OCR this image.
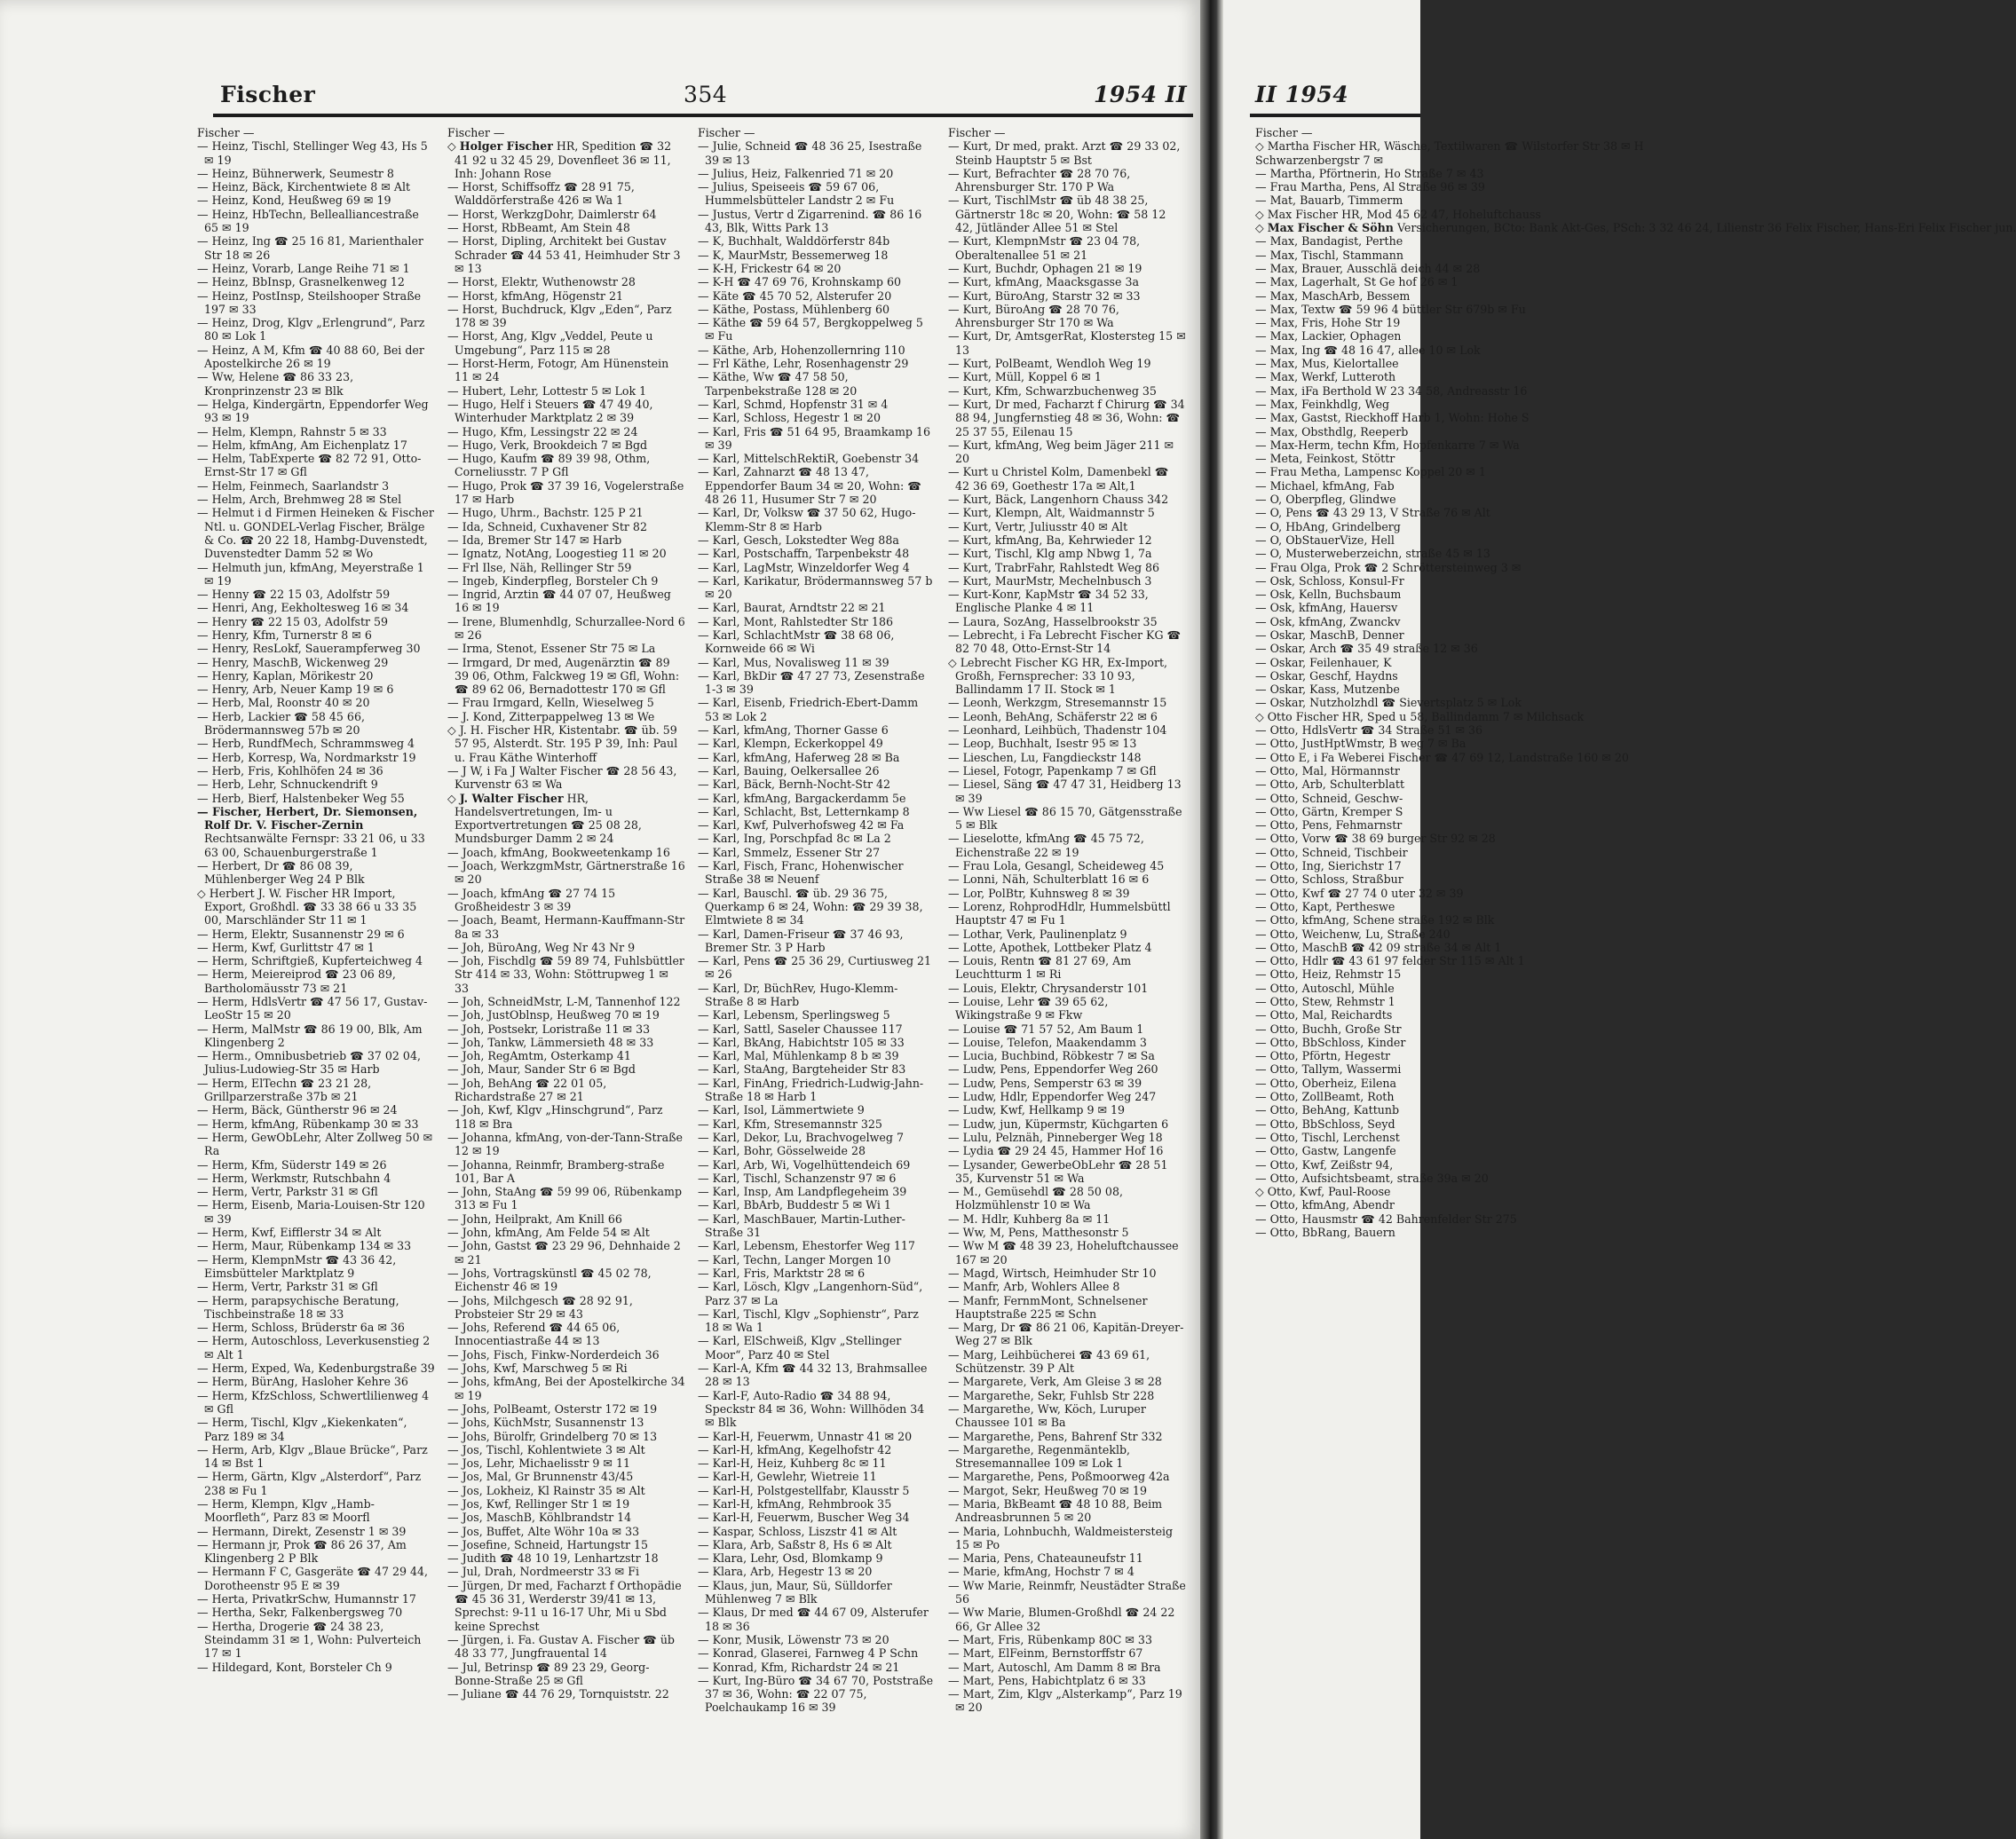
Fischer	354	1954 II
Fischer —
— Heinz, Tischl, Stellinger Weg 43, Hs 5 ✉ 19
— Heinz, Bühnerwerk, Seumestr 8
— Heinz, Bäck, Kirchentwiete 8 ✉ Alt
— Heinz, Kond, Heußweg 69 ✉ 19
— Heinz, HbTechn, Bellealliancestraße 65 ✉ 19
— Heinz, Ing ☎ 25 16 81, Marienthaler Str 18 ✉ 26
— Heinz, Vorarb, Lange Reihe 71 ✉ 1
— Heinz, BbInsp, Grasnelkenweg 12
— Heinz, PostInsp, Steilshooper Straße 197 ✉ 33
— Heinz, Drog, Klgv „Erlengrund“, Parz 80 ✉ Lok 1
— Heinz, A M, Kfm ☎ 40 88 60, Bei der Apostelkirche 26 ✉ 19
— Ww, Helene ☎ 86 33 23, Kronprinzenstr 23 ✉ Blk
— Helga, Kindergärtn, Eppendorfer Weg 93 ✉ 19
— Helm, Klempn, Rahnstr 5 ✉ 33
— Helm, kfmAng, Am Eichenplatz 17
— Helm, TabExperte ☎ 82 72 91, Otto-Ernst-Str 17 ✉ Gfl
— Helm, Feinmech, Saarlandstr 3
— Helm, Arch, Brehmweg 28 ✉ Stel
— Helmut i d Firmen Heineken & Fischer Ntl. u. GONDEL-Verlag Fischer, Brälge & Co. ☎ 20 22 18, Hambg-Duvenstedt, Duvenstedter Damm 52 ✉ Wo
— Helmuth jun, kfmAng, Meyerstraße 1 ✉ 19
— Henny ☎ 22 15 03, Adolfstr 59
— Henri, Ang, Eekholtesweg 16 ✉ 34
— Henry ☎ 22 15 03, Adolfstr 59
— Henry, Kfm, Turnerstr 8 ✉ 6
— Henry, ResLokf, Sauerampferweg 30
— Henry, MaschB, Wickenweg 29
— Henry, Kaplan, Mörikestr 20
— Henry, Arb, Neuer Kamp 19 ✉ 6
— Herb, Mal, Roonstr 40 ✉ 20
— Herb, Lackier ☎ 58 45 66, Brödermannsweg 57b ✉ 20
— Herb, RundfMech, Schrammsweg 4
— Herb, Korresp, Wa, Nordmarkstr 19
— Herb, Fris, Kohlhöfen 24 ✉ 36
— Herb, Lehr, Schnuckendrift 9
— Herb, Bierf, Halstenbeker Weg 55
— Fischer, Herbert, Dr. Siemonsen, Rolf Dr. V. Fischer-Zernin Rechtsanwälte Fernspr: 33 21 06, u 33 63 00, Schauenburgerstraße 1
— Herbert, Dr ☎ 86 08 39, Mühlenberger Weg 24 P Blk
◇ Herbert J. W. Fischer HR Import, Export, Großhdl. ☎ 33 38 66 u 33 35 00, Marschländer Str 11 ✉ 1
— Herm, Elektr, Susannenstr 29 ✉ 6
— Herm, Kwf, Gurlittstr 47 ✉ 1
— Herm, Schriftgieß, Kupferteichweg 4
— Herm, Meiereiprod ☎ 23 06 89, Bartholomäusstr 73 ✉ 21
— Herm, HdlsVertr ☎ 47 56 17, Gustav-LeoStr 15 ✉ 20
— Herm, MalMstr ☎ 86 19 00, Blk, Am Klingenberg 2
— Herm., Omnibusbetrieb ☎ 37 02 04, Julius-Ludowieg-Str 35 ✉ Harb
— Herm, ElTechn ☎ 23 21 28, Grillparzerstraße 37b ✉ 21
— Herm, Bäck, Güntherstr 96 ✉ 24
— Herm, kfmAng, Rübenkamp 30 ✉ 33
— Herm, GewObLehr, Alter Zollweg 50 ✉ Ra
— Herm, Kfm, Süderstr 149 ✉ 26
— Herm, Werkmstr, Rutschbahn 4
— Herm, Vertr, Parkstr 31 ✉ Gfl
— Herm, Eisenb, Maria-Louisen-Str 120 ✉ 39
— Herm, Kwf, Eifflerstr 34 ✉ Alt
— Herm, Maur, Rübenkamp 134 ✉ 33
— Herm, KlempnMstr ☎ 43 36 42, Eimsbütteler Marktplatz 9
— Herm, Vertr, Parkstr 31 ✉ Gfl
— Herm, parapsychische Beratung, Tischbeinstraße 18 ✉ 33
— Herm, Schloss, Brüderstr 6a ✉ 36
— Herm, Autoschloss, Leverkusenstieg 2 ✉ Alt 1
— Herm, Exped, Wa, Kedenburgstraße 39
— Herm, BürAng, Hasloher Kehre 36
— Herm, KfzSchloss, Schwertlilienweg 4 ✉ Gfl
— Herm, Tischl, Klgv „Kiekenkaten“, Parz 189 ✉ 34
— Herm, Arb, Klgv „Blaue Brücke“, Parz 14 ✉ Bst 1
— Herm, Gärtn, Klgv „Alsterdorf“, Parz 238 ✉ Fu 1
— Herm, Klempn, Klgv „Hamb-Moorfleth“, Parz 83 ✉ Moorfl
— Hermann, Direkt, Zesenstr 1 ✉ 39
— Hermann jr, Prok ☎ 86 26 37, Am Klingenberg 2 P Blk
— Hermann F C, Gasgeräte ☎ 47 29 44, Dorotheenstr 95 E ✉ 39
— Herta, PrivatkrSchw, Humannstr 17
— Hertha, Sekr, Falkenbergsweg 70
— Hertha, Drogerie ☎ 24 38 23, Steindamm 31 ✉ 1, Wohn: Pulverteich 17 ✉ 1
— Hildegard, Kont, Borsteler Ch 9
Fischer —
◇ Holger Fischer HR, Spedition ☎ 32 41 92 u 32 45 29, Dovenfleet 36 ✉ 11, Inh: Johann Rose
— Horst, Schiffsoffz ☎ 28 91 75, Walddörferstraße 426 ✉ Wa 1
— Horst, WerkzgDohr, Daimlerstr 64
— Horst, RbBeamt, Am Stein 48
— Horst, Dipling, Architekt bei Gustav Schrader ☎ 44 53 41, Heimhuder Str 3 ✉ 13
— Horst, Elektr, Wuthenowstr 28
— Horst, kfmAng, Högenstr 21
— Horst, Buchdruck, Klgv „Eden“, Parz 178 ✉ 39
— Horst, Ang, Klgv „Veddel, Peute u Umgebung“, Parz 115 ✉ 28
— Horst-Herm, Fotogr, Am Hünenstein 11 ✉ 24
— Hubert, Lehr, Lottestr 5 ✉ Lok 1
— Hugo, Helf i Steuers ☎ 47 49 40, Winterhuder Marktplatz 2 ✉ 39
— Hugo, Kfm, Lessingstr 22 ✉ 24
— Hugo, Verk, Brookdeich 7 ✉ Bgd
— Hugo, Kaufm ☎ 89 39 98, Othm, Corneliusstr. 7 P Gfl
— Hugo, Prok ☎ 37 39 16, Vogelerstraße 17 ✉ Harb
— Hugo, Uhrm., Bachstr. 125 P 21
— Ida, Schneid, Cuxhavener Str 82
— Ida, Bremer Str 147 ✉ Harb
— Ignatz, NotAng, Loogestieg 11 ✉ 20
— Frl Ilse, Näh, Rellinger Str 59
— Ingeb, Kinderpfleg, Borsteler Ch 9
— Ingrid, Arztin ☎ 44 07 07, Heußweg 16 ✉ 19
— Irene, Blumenhdlg, Schurzallee-Nord 6 ✉ 26
— Irma, Stenot, Essener Str 75 ✉ La
— Irmgard, Dr med, Augenärztin ☎ 89 39 06, Othm, Falckweg 19 ✉ Gfl, Wohn: ☎ 89 62 06, Bernadottestr 170 ✉ Gfl
— Frau Irmgard, Kelln, Wieselweg 5
— J. Kond, Zitterpappelweg 13 ✉ We
◇ J. H. Fischer HR, Kistentabr. ☎ üb. 59 57 95, Alsterdt. Str. 195 P 39, Inh: Paul u. Frau Käthe Winterhoff
— J W, i Fa J Walter Fischer ☎ 28 56 43, Kurvenstr 63 ✉ Wa
◇ J. Walter Fischer HR, Handelsvertretungen, Im- u Exportvertretungen ☎ 25 08 28, Mundsburger Damm 2 ✉ 24
— Joach, kfmAng, Bookweetenkamp 16
— Joach, WerkzgmMstr, Gärtnerstraße 16 ✉ 20
— Joach, kfmAng ☎ 27 74 15 Großheidestr 3 ✉ 39
— Joach, Beamt, Hermann-Kauffmann-Str 8a ✉ 33
— Joh, BüroAng, Weg Nr 43 Nr 9
— Joh, Fischdlg ☎ 59 89 74, Fuhlsbüttler Str 414 ✉ 33, Wohn: Stöttrupweg 1 ✉ 33
— Joh, SchneidMstr, L-M, Tannenhof 122
— Joh, JustOblnsp, Heußweg 70 ✉ 19
— Joh, Postsekr, Loristraße 11 ✉ 33
— Joh, Tankw, Lämmersieth 48 ✉ 33
— Joh, RegAmtm, Osterkamp 41
— Joh, Maur, Sander Str 6 ✉ Bgd
— Joh, BehAng ☎ 22 01 05, Richardstraße 27 ✉ 21
— Joh, Kwf, Klgv „Hinschgrund“, Parz 118 ✉ Bra
— Johanna, kfmAng, von-der-Tann-Straße 12 ✉ 19
— Johanna, Reinmfr, Bramberg-straße 101, Bar A
— John, StaAng ☎ 59 99 06, Rübenkamp 313 ✉ Fu 1
— John, Heilprakt, Am Knill 66
— John, kfmAng, Am Felde 54 ✉ Alt
— John, Gastst ☎ 23 29 96, Dehnhaide 2 ✉ 21
— Johs, Vortragskünstl ☎ 45 02 78, Eichenstr 46 ✉ 19
— Johs, Milchgesch ☎ 28 92 91, Probsteier Str 29 ✉ 43
— Johs, Referend ☎ 44 65 06, Innocentiastraße 44 ✉ 13
— Johs, Fisch, Finkw-Norderdeich 36
— Johs, Kwf, Marschweg 5 ✉ Ri
— Johs, kfmAng, Bei der Apostelkirche 34 ✉ 19
— Johs, PolBeamt, Osterstr 172 ✉ 19
— Johs, KüchMstr, Susannenstr 13
— Johs, Bürolfr, Grindelberg 70 ✉ 13
— Jos, Tischl, Kohlentwiete 3 ✉ Alt
— Jos, Lehr, Michaelisstr 9 ✉ 11
— Jos, Mal, Gr Brunnenstr 43/45
— Jos, Lokheiz, Kl Rainstr 35 ✉ Alt
— Jos, Kwf, Rellinger Str 1 ✉ 19
— Jos, MaschB, Köhlbrandstr 14
— Jos, Buffet, Alte Wöhr 10a ✉ 33
— Josefine, Schneid, Hartungstr 15
— Judith ☎ 48 10 19, Lenhartzstr 18
— Jul, Drah, Nordmeerstr 33 ✉ Fi
— Jürgen, Dr med, Facharzt f Orthopädie ☎ 45 36 31, Werderstr 39/41 ✉ 13, Sprechst: 9-11 u 16-17 Uhr, Mi u Sbd keine Sprechst
— Jürgen, i. Fa. Gustav A. Fischer ☎ üb 48 33 77, Jungfrauental 14
— Jul, Betrinsp ☎ 89 23 29, Georg-Bonne-Straße 25 ✉ Gfl
— Juliane ☎ 44 76 29, Tornquiststr. 22
Fischer —
— Julie, Schneid ☎ 48 36 25, Isestraße 39 ✉ 13
— Julius, Heiz, Falkenried 71 ✉ 20
— Julius, Speiseeis ☎ 59 67 06, Hummelsbütteler Landstr 2 ✉ Fu
— Justus, Vertr d Zigarrenind. ☎ 86 16 43, Blk, Witts Park 13
— K, Buchhalt, Walddörferstr 84b
— K, MaurMstr, Bessemerweg 18
— K-H, Frickestr 64 ✉ 20
— K-H ☎ 47 69 76, Krohnskamp 60
— Käte ☎ 45 70 52, Alsterufer 20
— Käthe, Postass, Mühlenberg 60
— Käthe ☎ 59 64 57, Bergkoppelweg 5 ✉ Fu
— Käthe, Arb, Hohenzollernring 110
— Frl Käthe, Lehr, Rosenhagenstr 29
— Käthe, Ww ☎ 47 58 50, Tarpenbekstraße 128 ✉ 20
— Karl, Schmd, Hopfenstr 31 ✉ 4
— Karl, Schloss, Hegestr 1 ✉ 20
— Karl, Fris ☎ 51 64 95, Braamkamp 16 ✉ 39
— Karl, MittelschRektiR, Goebenstr 34
— Karl, Zahnarzt ☎ 48 13 47, Eppendorfer Baum 34 ✉ 20, Wohn: ☎ 48 26 11, Husumer Str 7 ✉ 20
— Karl, Dr, Volksw ☎ 37 50 62, Hugo-Klemm-Str 8 ✉ Harb
— Karl, Gesch, Lokstedter Weg 88a
— Karl, Postschaffn, Tarpenbekstr 48
— Karl, LagMstr, Winzeldorfer Weg 4
— Karl, Karikatur, Brödermannsweg 57 b ✉ 20
— Karl, Baurat, Arndtstr 22 ✉ 21
— Karl, Mont, Rahlstedter Str 186
— Karl, SchlachtMstr ☎ 38 68 06, Kornweide 66 ✉ Wi
— Karl, Mus, Novalisweg 11 ✉ 39
— Karl, BkDir ☎ 47 27 73, Zesenstraße 1-3 ✉ 39
— Karl, Eisenb, Friedrich-Ebert-Damm 53 ✉ Lok 2
— Karl, kfmAng, Thorner Gasse 6
— Karl, Klempn, Eckerkoppel 49
— Karl, kfmAng, Haferweg 28 ✉ Ba
— Karl, Bauing, Oelkersallee 26
— Karl, Bäck, Bernh-Nocht-Str 42
— Karl, kfmAng, Bargackerdamm 5e
— Karl, Schlacht, Bst, Letternkamp 8
— Karl, Kwf, Pulverhofsweg 42 ✉ Fa
— Karl, Ing, Porschpfad 8c ✉ La 2
— Karl, Smmelz, Essener Str 27
— Karl, Fisch, Franc, Hohenwischer Straße 38 ✉ Neuenf
— Karl, Bauschl. ☎ üb. 29 36 75, Querkamp 6 ✉ 24, Wohn: ☎ 29 39 38, Elmtwiete 8 ✉ 34
— Karl, Damen-Friseur ☎ 37 46 93, Bremer Str. 3 P Harb
— Karl, Pens ☎ 25 36 29, Curtiusweg 21 ✉ 26
— Karl, Dr, BüchRev, Hugo-Klemm-Straße 8 ✉ Harb
— Karl, Lebensm, Sperlingsweg 5
— Karl, Sattl, Saseler Chaussee 117
— Karl, BkAng, Habichtstr 105 ✉ 33
— Karl, Mal, Mühlenkamp 8 b ✉ 39
— Karl, StaAng, Bargteheider Str 83
— Karl, FinAng, Friedrich-Ludwig-Jahn-Straße 18 ✉ Harb 1
— Karl, Isol, Lämmertwiete 9
— Karl, Kfm, Stresemannstr 325
— Karl, Dekor, Lu, Brachvogelweg 7
— Karl, Bohr, Gösselweide 28
— Karl, Arb, Wi, Vogelhüttendeich 69
— Karl, Tischl, Schanzenstr 97 ✉ 6
— Karl, Insp, Am Landpflegeheim 39
— Karl, BbArb, Buddestr 5 ✉ Wi 1
— Karl, MaschBauer, Martin-Luther-Straße 31
— Karl, Lebensm, Ehestorfer Weg 117
— Karl, Techn, Langer Morgen 10
— Karl, Fris, Marktstr 28 ✉ 6
— Karl, Lösch, Klgv „Langenhorn-Süd“, Parz 37 ✉ La
— Karl, Tischl, Klgv „Sophienstr“, Parz 18 ✉ Wa 1
— Karl, ElSchweiß, Klgv „Stellinger Moor“, Parz 40 ✉ Stel
— Karl-A, Kfm ☎ 44 32 13, Brahmsallee 28 ✉ 13
— Karl-F, Auto-Radio ☎ 34 88 94, Speckstr 84 ✉ 36, Wohn: Willhöden 34 ✉ Blk
— Karl-H, Feuerwm, Unnastr 41 ✉ 20
— Karl-H, kfmAng, Kegelhofstr 42
— Karl-H, Heiz, Kuhberg 8c ✉ 11
— Karl-H, Gewlehr, Wietreie 11
— Karl-H, Polstgestellfabr, Klausstr 5
— Karl-H, kfmAng, Rehmbrook 35
— Karl-H, Feuerwm, Buscher Weg 34
— Kaspar, Schloss, Liszstr 41 ✉ Alt
— Klara, Arb, Saßstr 8, Hs 6 ✉ Alt
— Klara, Lehr, Osd, Blomkamp 9
— Klara, Arb, Hegestr 13 ✉ 20
— Klaus, jun, Maur, Sü, Sülldorfer Mühlenweg 7 ✉ Blk
— Klaus, Dr med ☎ 44 67 09, Alsterufer 18 ✉ 36
— Konr, Musik, Löwenstr 73 ✉ 20
— Konrad, Glaserei, Farnweg 4 P Schn
— Konrad, Kfm, Richardstr 24 ✉ 21
— Kurt, Ing-Büro ☎ 34 67 70, Poststraße 37 ✉ 36, Wohn: ☎ 22 07 75, Poelchaukamp 16 ✉ 39
Fischer —
— Kurt, Dr med, prakt. Arzt ☎ 29 33 02, Steinb Hauptstr 5 ✉ Bst
— Kurt, Befrachter ☎ 28 70 76, Ahrensburger Str. 170 P Wa
— Kurt, TischlMstr ☎ üb 48 38 25, Gärtnerstr 18c ✉ 20, Wohn: ☎ 58 12 42, Jütländer Allee 51 ✉ Stel
— Kurt, KlempnMstr ☎ 23 04 78, Oberaltenallee 51 ✉ 21
— Kurt, Buchdr, Ophagen 21 ✉ 19
— Kurt, kfmAng, Maacksgasse 3a
— Kurt, BüroAng, Starstr 32 ✉ 33
— Kurt, BüroAng ☎ 28 70 76, Ahrensburger Str 170 ✉ Wa
— Kurt, Dr, AmtsgerRat, Klostersteg 15 ✉ 13
— Kurt, PolBeamt, Wendloh Weg 19
— Kurt, Müll, Koppel 6 ✉ 1
— Kurt, Kfm, Schwarzbuchenweg 35
— Kurt, Dr med, Facharzt f Chirurg ☎ 34 88 94, Jungfernstieg 48 ✉ 36, Wohn: ☎ 25 37 55, Eilenau 15
— Kurt, kfmAng, Weg beim Jäger 211 ✉ 20
— Kurt u Christel Kolm, Damenbekl ☎ 42 36 69, Goethestr 17a ✉ Alt,1
— Kurt, Bäck, Langenhorn Chauss 342
— Kurt, Klempn, Alt, Waidmannstr 5
— Kurt, Vertr, Juliusstr 40 ✉ Alt
— Kurt, kfmAng, Ba, Kehrwieder 12
— Kurt, Tischl, Klg amp Nbwg 1, 7a
— Kurt, TrabrFahr, Rahlstedt Weg 86
— Kurt, MaurMstr, Mechelnbusch 3
— Kurt-Konr, KapMstr ☎ 34 52 33, Englische Planke 4 ✉ 11
— Laura, SozAng, Hasselbrookstr 35
— Lebrecht, i Fa Lebrecht Fischer KG ☎ 82 70 48, Otto-Ernst-Str 14
◇ Lebrecht Fischer KG HR, Ex-Import, Großh, Fernsprecher: 33 10 93, Ballindamm 17 II. Stock ✉ 1
— Leonh, Werkzgm, Stresemannstr 15
— Leonh, BehAng, Schäferstr 22 ✉ 6
— Leonhard, Leihbüch, Thadenstr 104
— Leop, Buchhalt, Isestr 95 ✉ 13
— Lieschen, Lu, Fangdieckstr 148
— Liesel, Fotogr, Papenkamp 7 ✉ Gfl
— Liesel, Säng ☎ 47 47 31, Heidberg 13 ✉ 39
— Ww Liesel ☎ 86 15 70, Gätgensstraße 5 ✉ Blk
— Lieselotte, kfmAng ☎ 45 75 72, Eichenstraße 22 ✉ 19
— Frau Lola, Gesangl, Scheideweg 45
— Lonni, Näh, Schulterblatt 16 ✉ 6
— Lor, PolBtr, Kuhnsweg 8 ✉ 39
— Lorenz, RohprodHdlr, Hummelsbüttl Hauptstr 47 ✉ Fu 1
— Lothar, Verk, Paulinenplatz 9
— Lotte, Apothek, Lottbeker Platz 4
— Louis, Rentn ☎ 81 27 69, Am Leuchtturm 1 ✉ Ri
— Louis, Elektr, Chrysanderstr 101
— Louise, Lehr ☎ 39 65 62, Wikingstraße 9 ✉ Fkw
— Louise ☎ 71 57 52, Am Baum 1
— Louise, Telefon, Maakendamm 3
— Lucia, Buchbind, Röbkestr 7 ✉ Sa
— Ludw, Pens, Eppendorfer Weg 260
— Ludw, Pens, Semperstr 63 ✉ 39
— Ludw, Hdlr, Eppendorfer Weg 247
— Ludw, Kwf, Hellkamp 9 ✉ 19
— Ludw, jun, Küpermstr, Küchgarten 6
— Lulu, Pelznäh, Pinneberger Weg 18
— Lydia ☎ 29 24 45, Hammer Hof 16
— Lysander, GewerbeObLehr ☎ 28 51 35, Kurvenstr 51 ✉ Wa
— M., Gemüsehdl ☎ 28 50 08, Holzmühlenstr 10 ✉ Wa
— M. Hdlr, Kuhberg 8a ✉ 11
— Ww, M, Pens, Matthesonstr 5
— Ww M ☎ 48 39 23, Hoheluftchaussee 167 ✉ 20
— Magd, Wirtsch, Heimhuder Str 10
— Manfr, Arb, Wohlers Allee 8
— Manfr, FernmMont, Schnelsener Hauptstraße 225 ✉ Schn
— Marg, Dr ☎ 86 21 06, Kapitän-Dreyer-Weg 27 ✉ Blk
— Marg, Leihbücherei ☎ 43 69 61, Schützenstr. 39 P Alt
— Margarete, Verk, Am Gleise 3 ✉ 28
— Margarethe, Sekr, Fuhlsb Str 228
— Margarethe, Ww, Köch, Luruper Chaussee 101 ✉ Ba
— Margarethe, Pens, Bahrenf Str 332
— Margarethe, Regenmänteklb, Stresemannallee 109 ✉ Lok 1
— Margarethe, Pens, Poßmoorweg 42a
— Margot, Sekr, Heußweg 70 ✉ 19
— Maria, BkBeamt ☎ 48 10 88, Beim Andreasbrunnen 5 ✉ 20
— Maria, Lohnbuchh, Waldmeistersteig 15 ✉ Po
— Maria, Pens, Chateauneufstr 11
— Marie, kfmAng, Hochstr 7 ✉ 4
— Ww Marie, Reinmfr, Neustädter Straße 56
— Ww Marie, Blumen-Großhdl ☎ 24 22 66, Gr Allee 32
— Mart, Fris, Rübenkamp 80C ✉ 33
— Mart, ElFeinm, Bernstorffstr 67
— Mart, Autoschl, Am Damm 8 ✉ Bra
— Mart, Pens, Habichtplatz 6 ✉ 33
— Mart, Zim, Klgv „Alsterkamp“, Parz 19 ✉ 20
II 1954
Fischer —
◇ Martha Fischer HR, Wäsche, Textilwaren ☎ Wilstorfer Str 38 ✉ H
Schwarzenbergstr 7 ✉
— Martha, Pförtnerin, Ho Straße 7 ✉ 43
— Frau Martha, Pens, Al Straße 96 ✉ 39
— Mat, Bauarb, Timmerm
◇ Max Fischer HR, Mod 45 62 47, Hoheluftchauss
◇ Max Fischer & Söhn Versicherungen, BCto: Bank Akt-Ges, PSch: 3 32 46 24, Lilienstr 36 Felix Fischer, Hans-Eri Felix Fischer jun.
— Max, Bandagist, Perthe
— Max, Tischl, Stammann
— Max, Brauer, Ausschlä deich 44 ✉ 28
— Max, Lagerhalt, St Ge hof 26 ✉ 1
— Max, MaschArb, Bessem
— Max, Textw ☎ 59 96 4 büttler Str 679b ✉ Fu
— Max, Fris, Hohe Str 19
— Max, Lackier, Ophagen
— Max, Ing ☎ 48 16 47, allee 10 ✉ Lok
— Max, Mus, Kielortallee
— Max, Werkf, Lutteroth
— Max, iFa Berthold W 23 34 58, Andreasstr 16
— Max, Feinkhdlg, Weg
— Max, Gastst, Rieckhoff Harb 1, Wohn: Hohe S
— Max, Obsthdlg, Reeperb
— Max-Herm, techn Kfm, Hopfenkarre 7 ✉ Wa
— Meta, Feinkost, Stöttr
— Frau Metha, Lampensc Koppel 20 ✉ 1
— Michael, kfmAng, Fab
— O, Oberpfleg, Glindwe
— O, Pens ☎ 43 29 13, V Straße 76 ✉ Alt
— O, HbAng, Grindelberg
— O, ObStauerVize, Hell
— O, Musterweberzeichn, straße 45 ✉ 13
— Frau Olga, Prok ☎ 2 Schröttersteinweg 3 ✉
— Osk, Schloss, Konsul-Fr
— Osk, Kelln, Buchsbaum
— Osk, kfmAng, Hauersv
— Osk, kfmAng, Zwanckv
— Oskar, MaschB, Denner
— Oskar, Arch ☎ 35 49 straße 12 ✉ 36
— Oskar, Feilenhauer, K
— Oskar, Geschf, Haydns
— Oskar, Kass, Mutzenbe
— Oskar, Nutzholzhdl ☎ Sievertsplatz 5 ✉ Lok
◇ Otto Fischer HR, Sped u 58, Ballindamm 7 ✉ Milchsack
— Otto, HdlsVertr ☎ 34 Straße 51 ✉ 36
— Otto, JustHptWmstr, B weg 7 ✉ Ba
— Otto E, i Fa Weberei Fischer ☎ 47 69 12, Landstraße 160 ✉ 20
— Otto, Mal, Hörmannstr
— Otto, Arb, Schulterblatt
— Otto, Schneid, Geschw-
— Otto, Gärtn, Kremper S
— Otto, Pens, Fehmarnstr
— Otto, Vorw ☎ 38 69 burger Str 92 ✉ 28
— Otto, Schneid, Tischbeir
— Otto, Ing, Sierichstr 17
— Otto, Schloss, Straßbur
— Otto, Kwf ☎ 27 74 0 uter 32 ✉ 39
— Otto, Kapt, Pertheswe
— Otto, kfmAng, Schene straße 192 ✉ Blk
— Otto, Weichenw, Lu, Straße 240
— Otto, MaschB ☎ 42 09 straße 34 ✉ Alt 1
— Otto, Hdlr ☎ 43 61 97 felder Str 115 ✉ Alt 1
— Otto, Heiz, Rehmstr 15
— Otto, Autoschl, Mühle
— Otto, Stew, Rehmstr 1
— Otto, Mal, Reichardts
— Otto, Buchh, Große Str
— Otto, BbSchloss, Kinder
— Otto, Pförtn, Hegestr
— Otto, Tallym, Wassermi
— Otto, Oberheiz, Eilena
— Otto, ZollBeamt, Roth
— Otto, BehAng, Kattunb
— Otto, BbSchloss, Seyd
— Otto, Tischl, Lerchenst
— Otto, Gastw, Langenfe
— Otto, Kwf, Zeißstr 94,
— Otto, Aufsichtsbeamt, straße 39a ✉ 20
◇ Otto, Kwf, Paul-Roose
— Otto, kfmAng, Abendr
— Otto, Hausmstr ☎ 42 Bahrenfelder Str 275
— Otto, BbRang, Bauern
